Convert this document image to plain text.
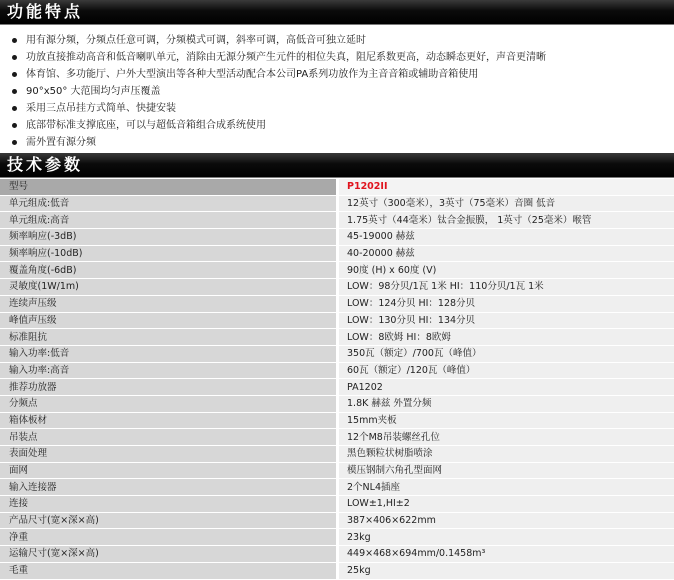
功能特点
用有源分频，分频点任意可调，分频模式可调，斜率可调，高低音可独立延时
功放直接推动高音和低音喇叭单元，消除由无源分频产生元件的相位失真，阻尼系数更高，动态瞬态更好，声音更清晰
体育馆、多功能厅、户外大型演出等各种大型活动配合本公司PA系列功放作为主音音箱或辅助音箱使用
90°x50° 大范围均匀声压覆盖
采用三点吊挂方式简单、快捷安装
底部带标准支撑底座，可以与超低音箱组合成系统使用
需外置有源分频
技术参数
型号	P1202II
单元组成:低音	12英寸（300毫米），3英寸（75毫米）音圈 低音
单元组成:高音	1.75英寸（44毫米）钛合金振膜， 1英寸（25毫米）喉管
频率响应(-3dB)	45-19000 赫兹
频率响应(-10dB)	40-20000 赫兹
覆盖角度(-6dB)	90度 (H) x 60度 (V)
灵敏度(1W/1m)	LOW：98分贝/1瓦 1米 HI：110分贝/1瓦 1米
连续声压级	LOW：124分贝 HI：128分贝
峰值声压级	LOW：130分贝 HI：134分贝
标准阻抗	LOW：8欧姆 HI：8欧姆
输入功率:低音	350瓦（额定）/700瓦（峰值）
输入功率:高音	60瓦（额定）/120瓦（峰值）
推荐功放器	PA1202
分频点	1.8K 赫兹 外置分频
箱体板材	15mm夹板
吊装点	12个M8吊装螺丝孔位
表面处理	黑色颗粒状树脂喷涂
面网	模压钢制六角孔型面网
输入连接器	2个NL4插座
连接	LOW±1,HI±2
产品尺寸(宽×深×高)	387×406×622mm
净重	23kg
运输尺寸(宽×深×高)	449×468×694mm/0.1458m³
毛重	25kg
